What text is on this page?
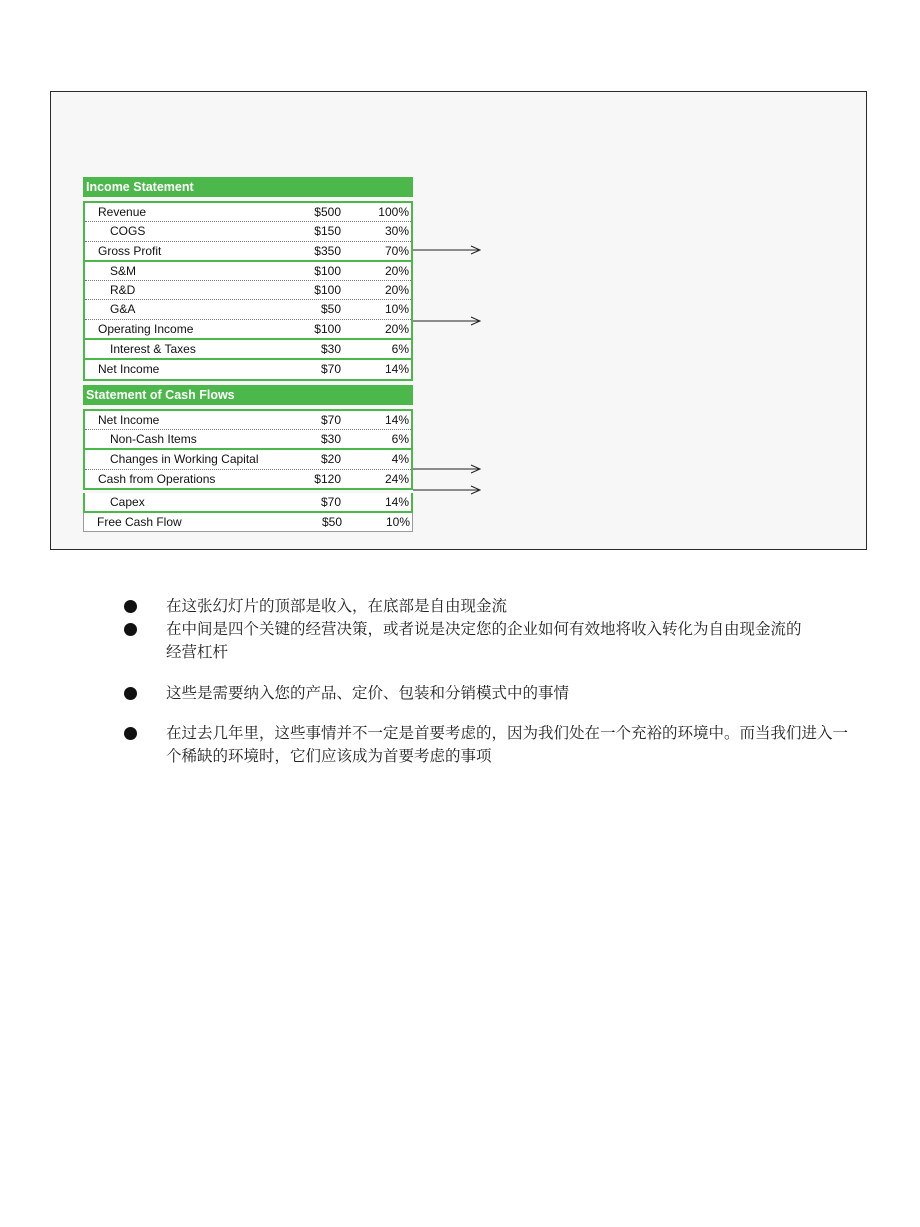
Income Statement
Revenue	$500	100%
COGS	$150	30%
Gross Profit	$350	70%
S&M	$100	20%
R&D	$100	20%
G&A	$50	10%
Operating Income	$100	20%
Interest & Taxes	$30	6%
Net Income	$70	14%
Statement of Cash Flows
Net Income	$70	14%
Non-Cash Items	$30	6%
Changes in Working Capital	$20	4%
Cash from Operations	$120	24%
Capex	$70	14%
Free Cash Flow	$50	10%
在这张幻灯片的顶部是收入，在底部是自由现金流
在中间是四个关键的经营决策，或者说是决定您的企业如何有效地将收入转化为自由现金流的经营杠杆
这些是需要纳入您的产品、定价、包装和分销模式中的事情
在过去几年里，这些事情并不一定是首要考虑的，因为我们处在一个充裕的环境中。而当我们进入一个稀缺的环境时，它们应该成为首要考虑的事项
